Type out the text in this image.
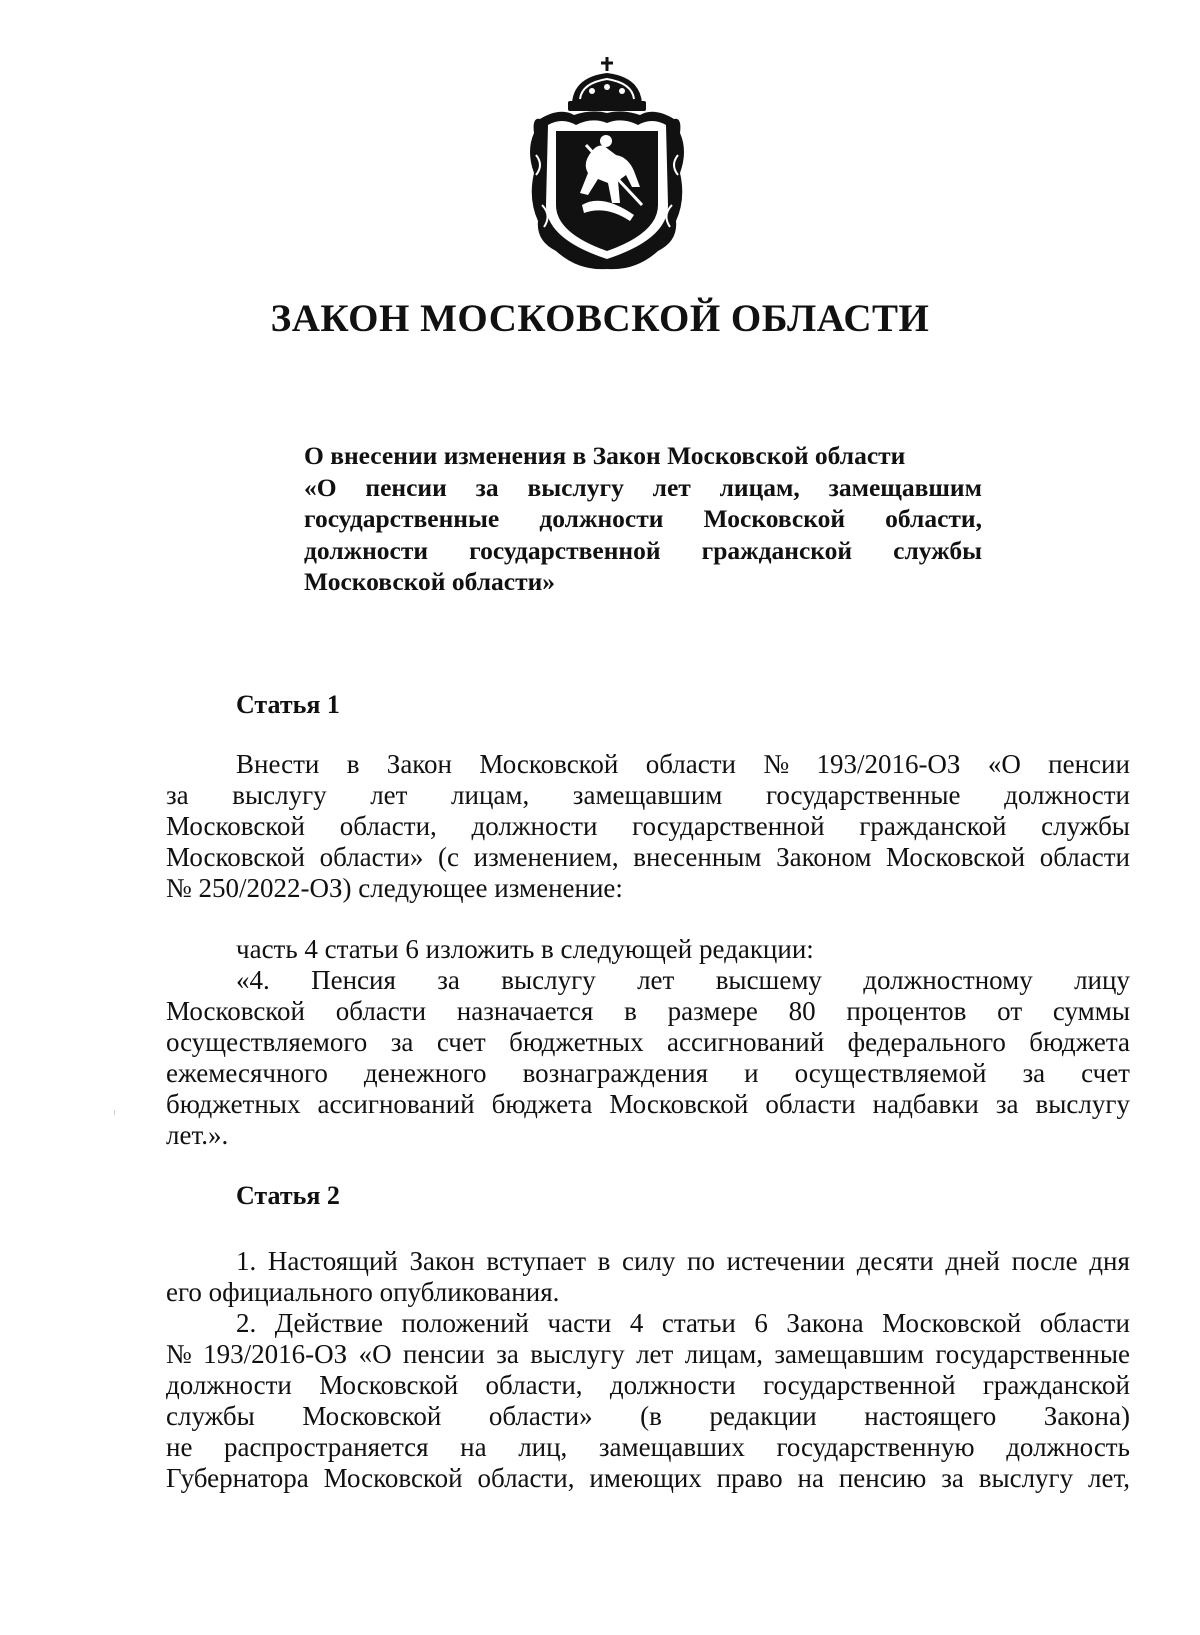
ЗАКОН МОСКОВСКОЙ ОБЛАСТИ
О внесении изменения в Закон Московской области
«О пенсии за выслугу лет лицам, замещавшим
государственные должности Московской области,
должности государственной гражданской службы
Московской области»
Статья 1
Внести в Закон Московской области № 193/2016-ОЗ «О пенсии
за выслугу лет лицам, замещавшим государственные должности
Московской области, должности государственной гражданской службы
Московской области» (с изменением, внесенным Законом Московской области
№ 250/2022-ОЗ) следующее изменение:
часть 4 статьи 6 изложить в следующей редакции:
«4. Пенсия за выслугу лет высшему должностному лицу
Московской области назначается в размере 80 процентов от суммы
осуществляемого за счет бюджетных ассигнований федерального бюджета
ежемесячного денежного вознаграждения и осуществляемой за счет
бюджетных ассигнований бюджета Московской области надбавки за выслугу
лет.».
Статья 2
1. Настоящий Закон вступает в силу по истечении десяти дней после дня
его официального опубликования.
2. Действие положений части 4 статьи 6 Закона Московской области
№ 193/2016-ОЗ «О пенсии за выслугу лет лицам, замещавшим государственные
должности Московской области, должности государственной гражданской
службы Московской области» (в редакции настоящего Закона)
не распространяется на лиц, замещавших государственную должность
Губернатора Московской области, имеющих право на пенсию за выслугу лет,
